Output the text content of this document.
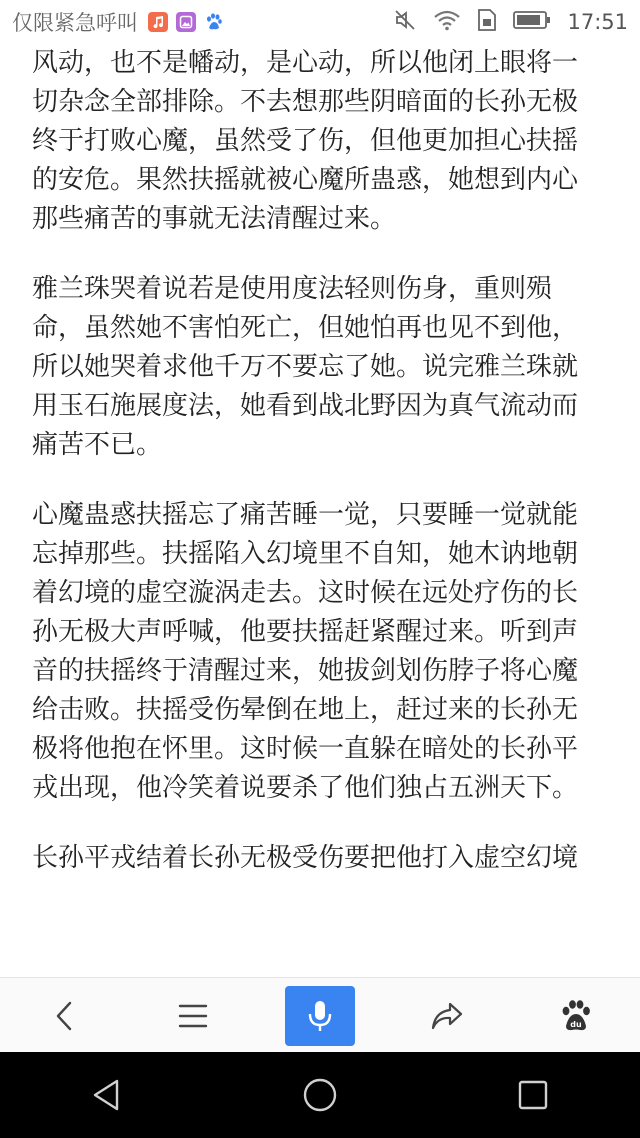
仅限紧急呼叫	17:51

风动，也不是幡动，是心动，所以他闭上眼将一切杂念全部排除。不去想那些阴暗面的长孙无极终于打败心魔，虽然受了伤，但他更加担心扶摇的安危。果然扶摇就被心魔所蛊惑，她想到内心那些痛苦的事就无法清醒过来。

雅兰珠哭着说若是使用度法轻则伤身，重则殒命，虽然她不害怕死亡，但她怕再也见不到他，所以她哭着求他千万不要忘了她。说完雅兰珠就用玉石施展度法，她看到战北野因为真气流动而痛苦不已。

心魔蛊惑扶摇忘了痛苦睡一觉，只要睡一觉就能忘掉那些。扶摇陷入幻境里不自知，她木讷地朝着幻境的虚空漩涡走去。这时候在远处疗伤的长孙无极大声呼喊，他要扶摇赶紧醒过来。听到声音的扶摇终于清醒过来，她拔剑划伤脖子将心魔给击败。扶摇受伤晕倒在地上，赶过来的长孙无极将他抱在怀里。这时候一直躲在暗处的长孙平戎出现，他冷笑着说要杀了他们独占五洲天下。

长孙平戎结着长孙无极受伤要把他打入虚空幻境

du
